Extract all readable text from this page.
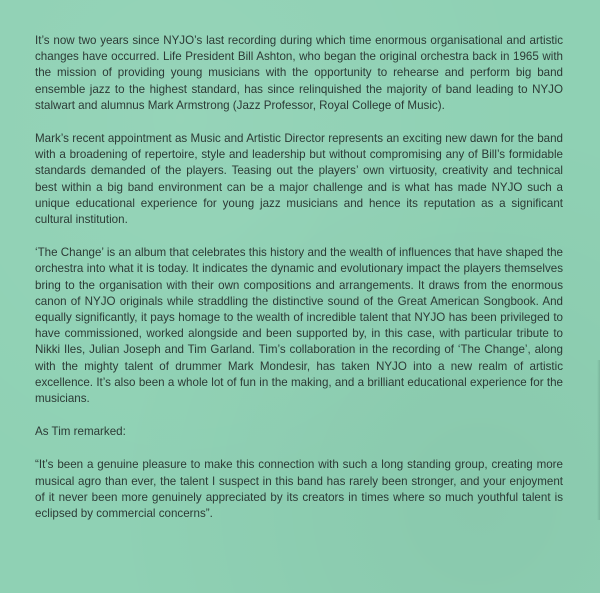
It’s now two years since NYJO’s last recording during which time enormous organisational and artistic changes have occurred. Life President Bill Ashton, who began the original orchestra back in 1965 with the mission of providing young musicians with the opportunity to rehearse and perform big band ensemble jazz to the highest standard, has since relinquished the majority of band leading to NYJO stalwart and alumnus Mark Armstrong (Jazz Professor, Royal College of Music).

Mark’s recent appointment as Music and Artistic Director represents an exciting new dawn for the band with a broadening of repertoire, style and leadership but without compromising any of Bill’s formidable standards demanded of the players. Teasing out the players’ own virtuosity, creativity and technical best within a big band environment can be a major challenge and is what has made NYJO such a unique educational experience for young jazz musicians and hence its reputation as a significant cultural institution.

‘The Change’ is an album that celebrates this history and the wealth of influences that have shaped the orchestra into what it is today. It indicates the dynamic and evolutionary impact the players themselves bring to the organisation with their own compositions and arrangements. It draws from the enormous canon of NYJO originals while straddling the distinctive sound of the Great American Songbook. And equally significantly, it pays homage to the wealth of incredible talent that NYJO has been privileged to have commissioned, worked alongside and been supported by, in this case, with particular tribute to Nikki Iles, Julian Joseph and Tim Garland. Tim’s collaboration in the recording of ‘The Change’, along with the mighty talent of drummer Mark Mondesir, has taken NYJO into a new realm of artistic excellence. It’s also been a whole lot of fun in the making, and a brilliant educational experience for the musicians.

As Tim remarked:

“It’s been a genuine pleasure to make this connection with such a long standing group, creating more musical agro than ever, the talent I suspect in this band has rarely been stronger, and your enjoyment of it never been more genuinely appreciated by its creators in times where so much youthful talent is eclipsed by commercial concerns”.
